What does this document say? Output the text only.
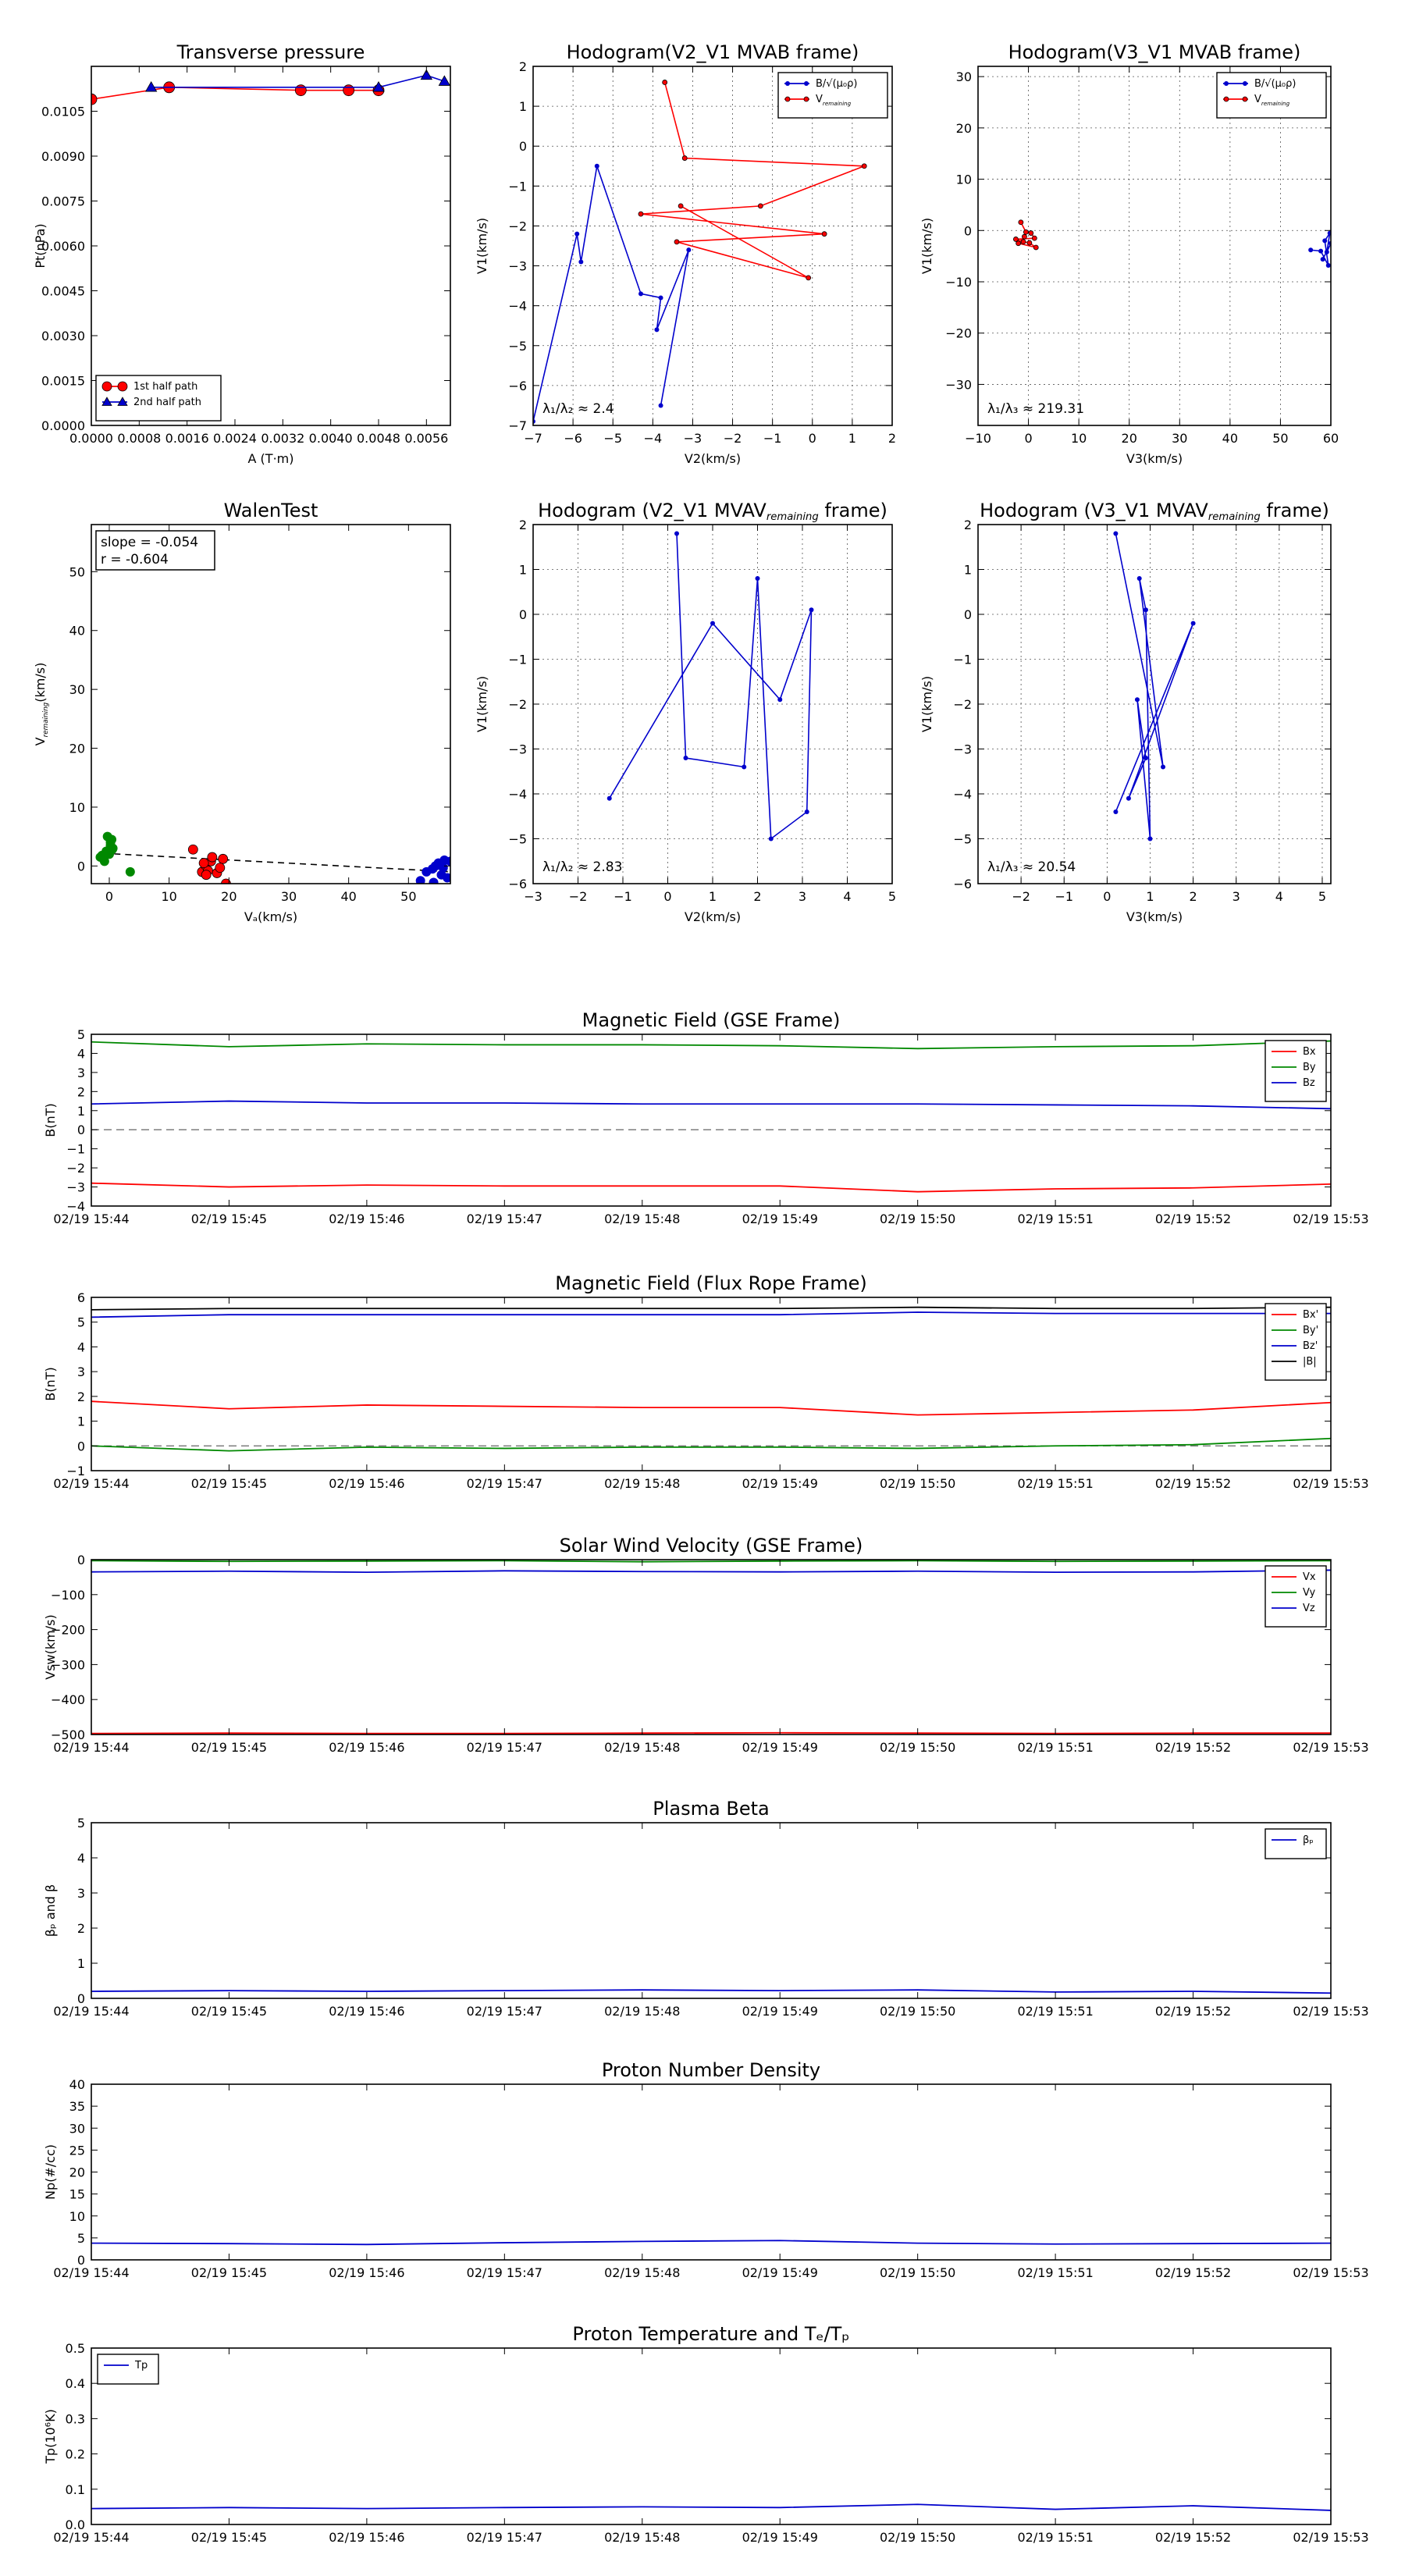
0.0000 0.0008 0.0016 0.0024 0.0032 0.0040 0.0048 0.0056
0.0000
0.0015
0.0030
0.0045
0.0060
0.0075
0.0090
0.0105
Transverse pressure
A (T·m)
Pt(nPa)
1st half path
2nd half path
−7 −6 −5 −4 −3 −2 −1 0	1	2
−7
−6
−5
−4
−3
−2
−1
0
1
2
Hodogram(V2_V1 MVAB frame)
V2(km/s)
V1(km/s)
λ₁/λ₂ ≈ 2.4
B/√(μ₀ρ)
$V_{remaining}$
−10	0	10	20	30	40	50	60
−30
−20
−10
0
10
20
30
Hodogram(V3_V1 MVAB frame)
V3(km/s)
V1(km/s)
λ₁/λ₃ ≈ 219.31
B/√(μ₀ρ)
$V_{remaining}$
0	10	20	30	40	50
0
10
20
30
40
50
WalenTest
Vₐ(km/s)
$V_{remaining}(km/s)$
slope = -0.054
r = -0.604
−3 −2 −1	0	1	2	3	4	5
−6
−5
−4
−3
−2
−1
0
1
2
Hodogram (V2_V1 MVAVremaining frame)
V2(km/s)
V1(km/s)
λ₁/λ₂ ≈ 2.83
−2 −1 0	1	2	3	4	5
−6
−5
−4
−3
−2
−1
0
1
2
Hodogram (V3_V1 MVAVremaining frame)
V3(km/s)
V1(km/s)
λ₁/λ₃ ≈ 20.54
02/19 15:44	02/19 15:45	02/19 15:46	02/19 15:47	02/19 15:48	02/19 15:49	02/19 15:50	02/19 15:51	02/19 15:52	02/19 15:53
−4
−3
−2
−1
0
1
2
3
4
5
Magnetic Field (GSE Frame)
B(nT)
Bx
By
Bz
02/19 15:44	02/19 15:45	02/19 15:46	02/19 15:47	02/19 15:48	02/19 15:49	02/19 15:50	02/19 15:51	02/19 15:52	02/19 15:53
−1
0
1
2
3
4
5
6
Magnetic Field (Flux Rope Frame)
B(nT)
Bx'
By'
Bz'
|B|
02/19 15:44	02/19 15:45	02/19 15:46	02/19 15:47	02/19 15:48	02/19 15:49	02/19 15:50	02/19 15:51	02/19 15:52	02/19 15:53
−500
−400
−300
−200
−100
0
Solar Wind Velocity (GSE Frame)
Vsw(km/s)
Vx
Vy
Vz
02/19 15:44	02/19 15:45	02/19 15:46	02/19 15:47	02/19 15:48	02/19 15:49	02/19 15:50	02/19 15:51	02/19 15:52	02/19 15:53
0
1
2
3
4
5
Plasma Beta
βₚ and β
βₚ
02/19 15:44	02/19 15:45	02/19 15:46	02/19 15:47	02/19 15:48	02/19 15:49	02/19 15:50	02/19 15:51	02/19 15:52	02/19 15:53
0
5
10
15
20
25
30
35
40
Proton Number Density
Np(#/cc)
02/19 15:44	02/19 15:45	02/19 15:46	02/19 15:47	02/19 15:48	02/19 15:49	02/19 15:50	02/19 15:51	02/19 15:52	02/19 15:53
0.0
0.1
0.2
0.3
0.4
0.5
Proton Temperature and Tₑ/Tₚ
Tp(10⁶K)
Tp
